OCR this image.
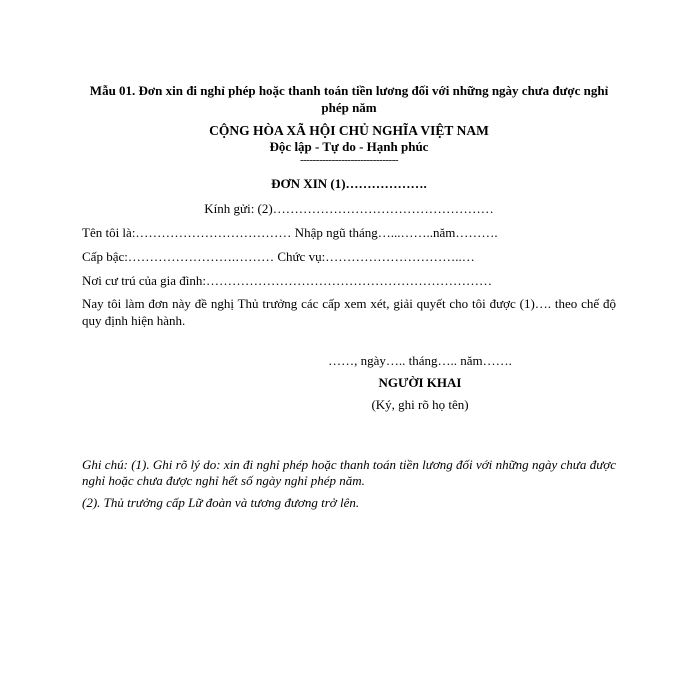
Mẫu 01. Đơn xin đi nghỉ phép hoặc thanh toán tiền lương đối với những ngày chưa được nghỉ phép năm

CỘNG HÒA XÃ HỘI CHỦ NGHĨA VIỆT NAM
Độc lập - Tự do - Hạnh phúc
-------------------------------
ĐƠN XIN (1)……………….
Kính gửi: (2)……………………………………………
Tên tôi là:……………………………… Nhập ngũ tháng…...……..năm……….
Cấp bậc:…………………….……… Chức vụ:…………………………..…
Nơi cư trú của gia đình:…………………………………………………………
Nay tôi làm đơn này đề nghị Thủ trưởng các cấp xem xét, giải quyết cho tôi được (1)…. theo chế độ quy định hiện hành.
……, ngày….. tháng….. năm…….
NGƯỜI KHAI
(Ký, ghi rõ họ tên)

Ghi chú: (1). Ghi rõ lý do: xin đi nghỉ phép hoặc thanh toán tiền lương đối với những ngày chưa được nghỉ hoặc chưa được nghỉ hết số ngày nghỉ phép năm.

(2). Thủ trưởng cấp Lữ đoàn và tương đương trở lên.
